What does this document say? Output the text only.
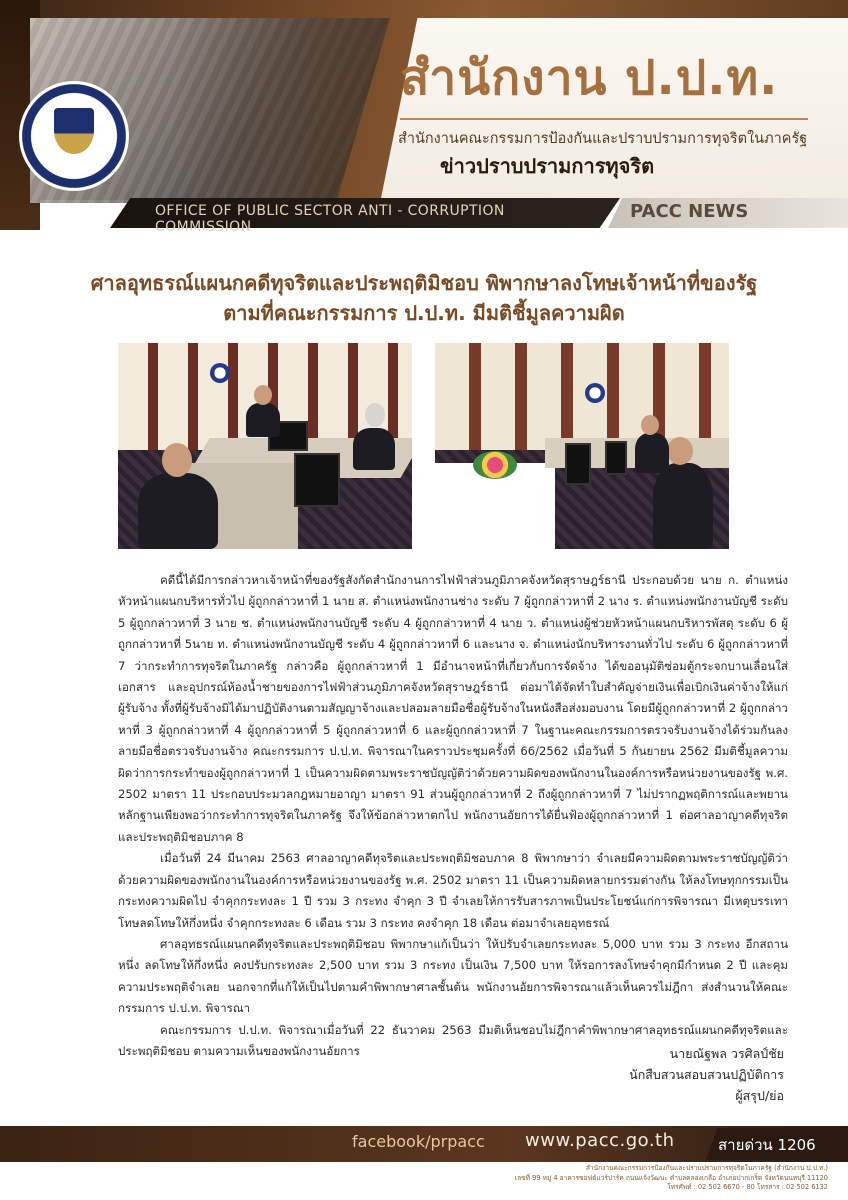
สำนักงาน ป.ป.ท.
สำนักงานคณะกรรมการป้องกันและปราบปรามการทุจริตในภาครัฐ
ข่าวปราบปรามการทุจริต
OFFICE OF PUBLIC SECTOR ANTI - CORRUPTION COMMISSION
PACC NEWS
ศาลอุทธรณ์แผนกคดีทุจริตและประพฤติมิชอบ พิพากษาลงโทษเจ้าหน้าที่ของรัฐ
ตามที่คณะกรรมการ ป.ป.ท. มีมติชี้มูลความผิด

คดีนี้ได้มีการกล่าวหาเจ้าหน้าที่ของรัฐสังกัดสำนักงานการไฟฟ้าส่วนภูมิภาคจังหวัดสุราษฎร์ธานี ประกอบด้วย นาย ก. ตำแหน่งหัวหน้าแผนกบริหารทั่วไป ผู้ถูกกล่าวหาที่ 1 นาย ส. ตำแหน่งพนักงานช่าง ระดับ 7 ผู้ถูกกล่าวหาที่ 2 นาง ร. ตำแหน่งพนักงานบัญชี ระดับ 5 ผู้ถูกกล่าวหาที่ 3 นาย ช. ตำแหน่งพนักงานบัญชี ระดับ 4 ผู้ถูกกล่าวหาที่ 4 นาย ว. ตำแหน่งผู้ช่วยหัวหน้าแผนกบริหารพัสดุ ระดับ 6 ผู้ถูกกล่าวหาที่ 5นาย ท. ตำแหน่งพนักงานบัญชี ระดับ 4 ผู้ถูกกล่าวหาที่ 6 และนาง จ. ตำแหน่งนักบริหารงานทั่วไป ระดับ 6 ผู้ถูกกล่าวหาที่ 7 ว่ากระทำการทุจริตในภาครัฐ กล่าวคือ ผู้ถูกกล่าวหาที่ 1 มีอำนาจหน้าที่เกี่ยวกับการจัดจ้าง ได้ขออนุมัติซ่อมตู้กระจกบานเลื่อนใส่เอกสาร และอุปกรณ์ห้องน้ำชายของการไฟฟ้าส่วนภูมิภาคจังหวัดสุราษฎร์ธานี ต่อมาได้จัดทำใบสำคัญจ่ายเงินเพื่อเบิกเงินค่าจ้างให้แก่ผู้รับจ้าง ทั้งที่ผู้รับจ้างมิได้มาปฏิบัติงานตามสัญญาจ้างและปลอมลายมือชื่อผู้รับจ้างในหนังสือส่งมอบงาน โดยมีผู้ถูกกล่าวหาที่ 2 ผู้ถูกกล่าวหาที่ 3 ผู้ถูกกล่าวหาที่ 4 ผู้ถูกกล่าวหาที่ 5 ผู้ถูกกล่าวหาที่ 6 และผู้ถูกกล่าวหาที่ 7 ในฐานะคณะกรรมการตรวจรับงานจ้างได้ร่วมกันลงลายมือชื่อตรวจรับงานจ้าง คณะกรรมการ ป.ป.ท. พิจารณาในคราวประชุมครั้งที่ 66/2562 เมื่อวันที่ 5 กันยายน 2562 มีมติชี้มูลความผิดว่าการกระทำของผู้ถูกกล่าวหาที่ 1 เป็นความผิดตามพระราชบัญญัติว่าด้วยความผิดของพนักงานในองค์การหรือหน่วยงานของรัฐ พ.ศ. 2502 มาตรา 11 ประกอบประมวลกฎหมายอาญา มาตรา 91 ส่วนผู้ถูกกล่าวหาที่ 2 ถึงผู้ถูกกล่าวหาที่ 7 ไม่ปรากฏพฤติการณ์และพยานหลักฐานเพียงพอว่ากระทำการทุจริตในภาครัฐ จึงให้ข้อกล่าวหาตกไป พนักงานอัยการได้ยื่นฟ้องผู้ถูกกล่าวหาที่ 1 ต่อศาลอาญาคดีทุจริตและประพฤติมิชอบภาค 8

เมื่อวันที่ 24 มีนาคม 2563 ศาลอาญาคดีทุจริตและประพฤติมิชอบภาค 8 พิพากษาว่า จำเลยมีความผิดตามพระราชบัญญัติว่าด้วยความผิดของพนักงานในองค์การหรือหน่วยงานของรัฐ พ.ศ. 2502 มาตรา 11 เป็นความผิดหลายกรรมต่างกัน ให้ลงโทษทุกกรรมเป็นกระทงความผิดไป จำคุกกระทงละ 1 ปี รวม 3 กระทง จำคุก 3 ปี จำเลยให้การรับสารภาพเป็นประโยชน์แก่การพิจารณา มีเหตุบรรเทาโทษลดโทษให้กึ่งหนึ่ง จำคุกกระทงละ 6 เดือน รวม 3 กระทง คงจำคุก 18 เดือน ต่อมาจำเลยอุทธรณ์

ศาลอุทธรณ์แผนกคดีทุจริตและประพฤติมิชอบ พิพากษาแก้เป็นว่า ให้ปรับจำเลยกระทงละ 5,000 บาท รวม 3 กระทง อีกสถานหนึ่ง ลดโทษให้กึ่งหนึ่ง คงปรับกระทงละ 2,500 บาท รวม 3 กระทง เป็นเงิน 7,500 บาท ให้รอการลงโทษจำคุกมีกำหนด 2 ปี และคุมความประพฤติจำเลย นอกจากที่แก้ให้เป็นไปตามคำพิพากษาศาลชั้นต้น พนักงานอัยการพิจารณาแล้วเห็นควรไม่ฎีกา ส่งสำนวนให้คณะกรรมการ ป.ป.ท. พิจารณา

คณะกรรมการ ป.ป.ท. พิจารณาเมื่อวันที่ 22 ธันวาคม 2563 มีมติเห็นชอบไม่ฎีกาคำพิพากษาศาลอุทธรณ์แผนกคดีทุจริตและประพฤติมิชอบ ตามความเห็นของพนักงานอัยการ	นายณัฐพล วรศิลป์ชัย
นักสืบสวนสอบสวนปฏิบัติการ
ผู้สรุป/ย่อ
facebook/prpacc	www.pacc.go.th	สายด่วน 1206
สำนักงานคณะกรรมการป้องกันและปราบปรามการทุจริตในภาครัฐ (สำนักงาน ป.ป.ท.)
เลขที่ 99 หมู่ 4 อาคารซอฟต์แวร์ปาร์ค ถนนแจ้งวัฒนะ ตำบลคลองเกลือ อำเภอปากเกร็ด จังหวัดนนทบุรี 11120
โทรศัพท์ : 02 502 6670 - 80 โทรสาร : 02 502 6132
